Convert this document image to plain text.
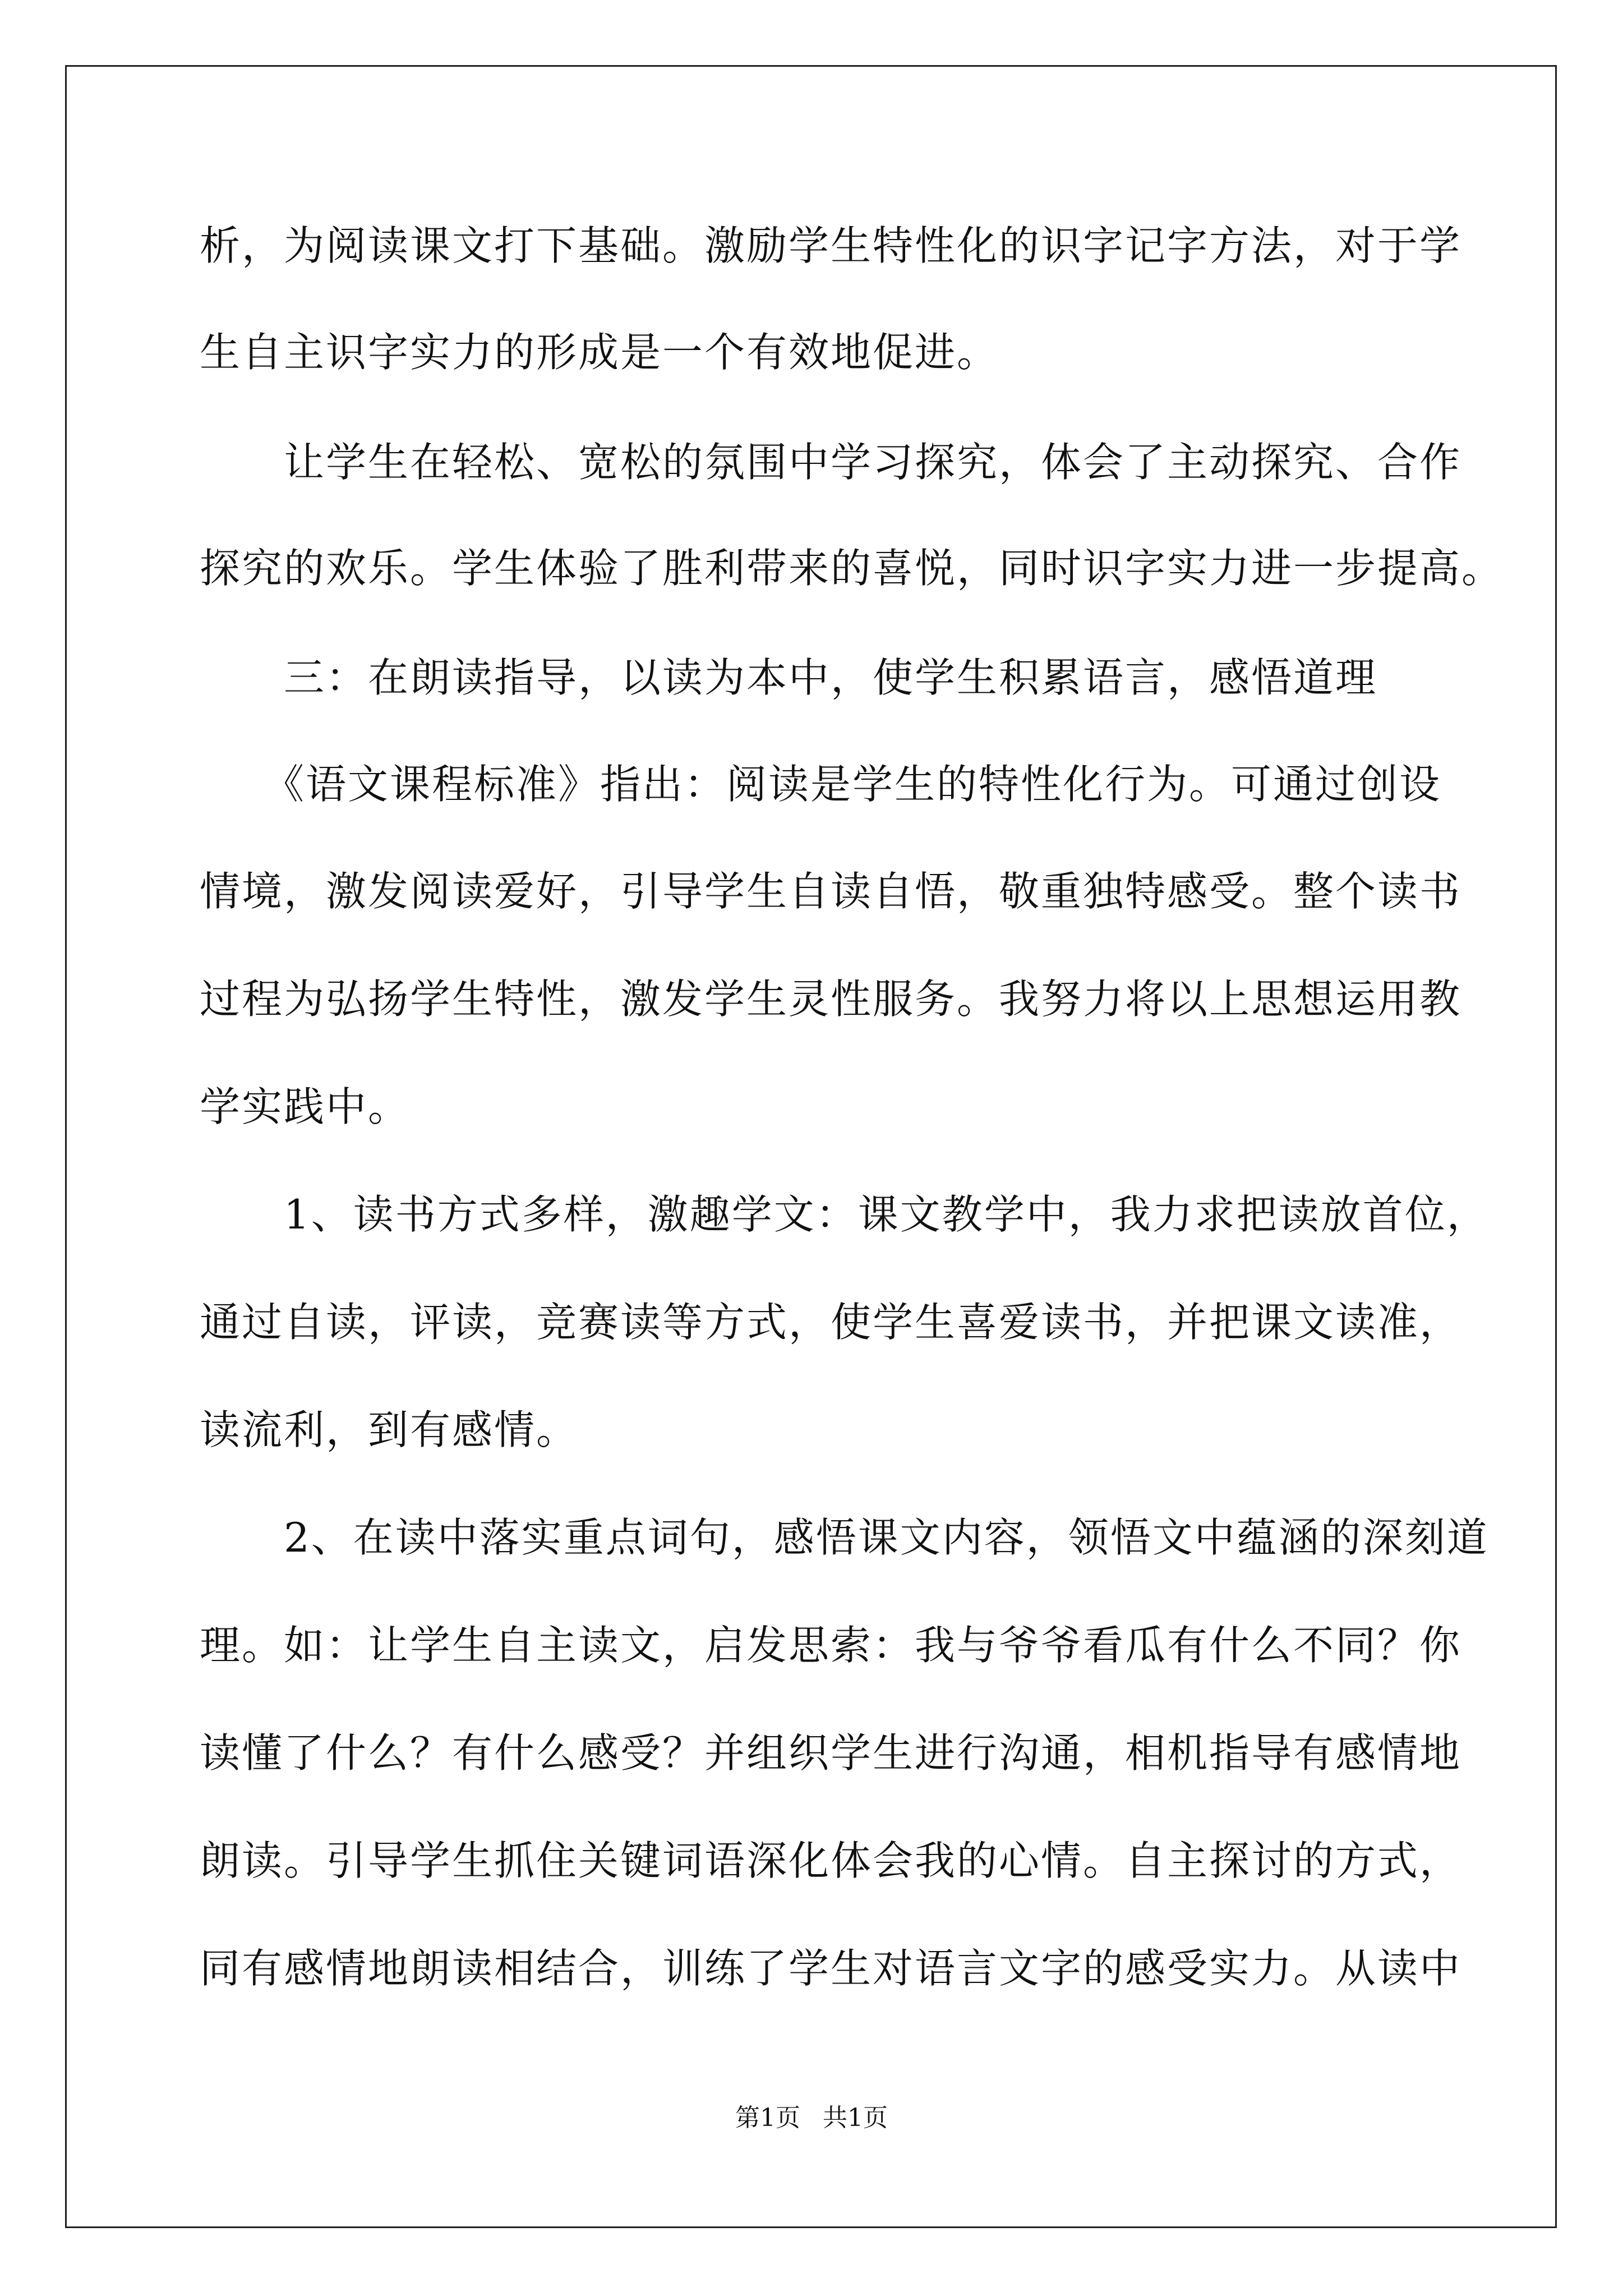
析，为阅读课文打下基础。激励学生特性化的识字记字方法，对于学
生自主识字实力的形成是一个有效地促进。
　　让学生在轻松、宽松的氛围中学习探究，体会了主动探究、合作
探究的欢乐。学生体验了胜利带来的喜悦，同时识字实力进一步提高。
　　三：在朗读指导，以读为本中，使学生积累语言，感悟道理
　　《语文课程标准》指出：阅读是学生的特性化行为。可通过创设
情境，激发阅读爱好，引导学生自读自悟，敬重独特感受。整个读书
过程为弘扬学生特性，激发学生灵性服务。我努力将以上思想运用教
学实践中。
　　1、读书方式多样，激趣学文：课文教学中，我力求把读放首位，
通过自读，评读，竞赛读等方式，使学生喜爱读书，并把课文读准，
读流利，到有感情。
　　2、在读中落实重点词句，感悟课文内容，领悟文中蕴涵的深刻道
理。如：让学生自主读文，启发思索：我与爷爷看瓜有什么不同？你
读懂了什么？有什么感受？并组织学生进行沟通，相机指导有感情地
朗读。引导学生抓住关键词语深化体会我的心情。自主探讨的方式，
同有感情地朗读相结合，训练了学生对语言文字的感受实力。从读中
第1页 共1页
